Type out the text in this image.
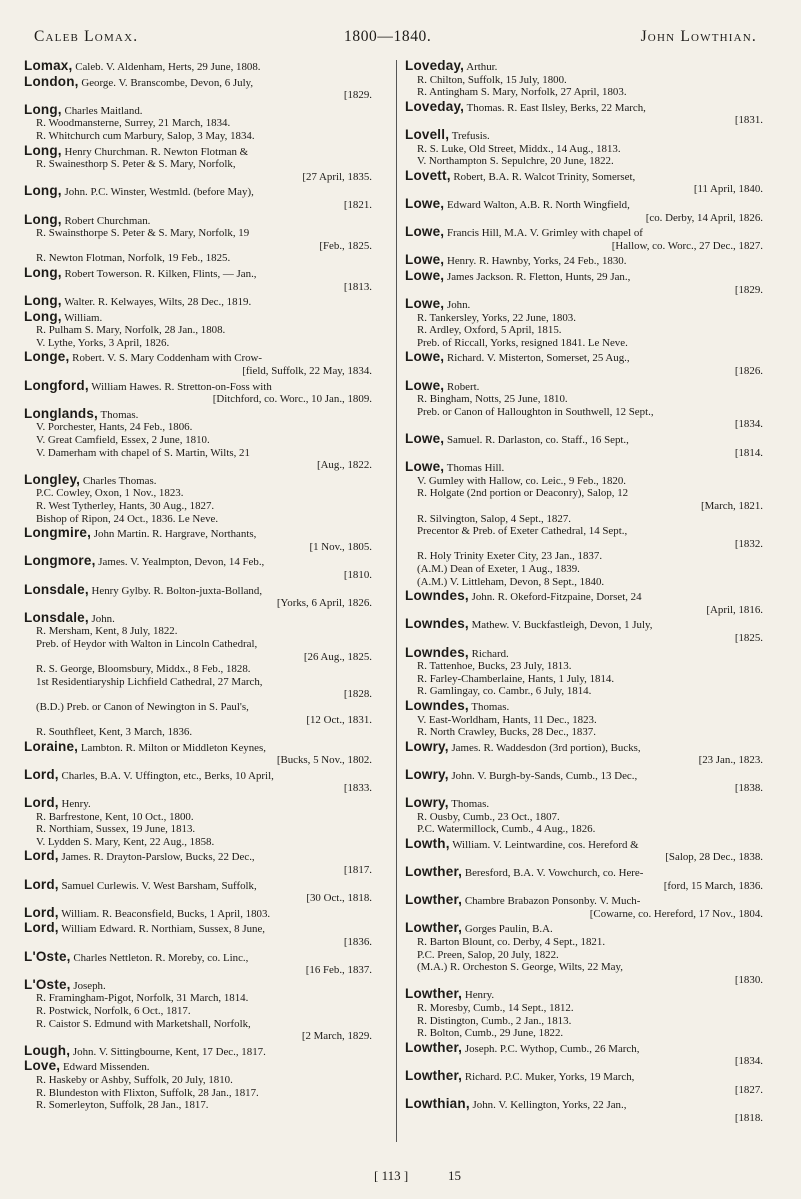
Caleb Lomax.	1800—1840.	John Lowthian.
Lomax, Caleb. V. Aldenham, Herts, 29 June, 1808.
London, George. V. Branscombe, Devon, 6 July,
[1829.
Long, Charles Maitland.
R. Woodmansterne, Surrey, 21 March, 1834.
R. Whitchurch cum Marbury, Salop, 3 May, 1834.
Long, Henry Churchman. R. Newton Flotman &
R. Swainesthorp S. Peter & S. Mary, Norfolk,
[27 April, 1835.
Long, John. P.C. Winster, Westmld. (before May),
[1821.
Long, Robert Churchman.
R. Swainsthorpe S. Peter & S. Mary, Norfolk, 19
[Feb., 1825.
R. Newton Flotman, Norfolk, 19 Feb., 1825.
Long, Robert Towerson. R. Kilken, Flints, — Jan.,
[1813.
Long, Walter. R. Kelwayes, Wilts, 28 Dec., 1819.
Long, William.
R. Pulham S. Mary, Norfolk, 28 Jan., 1808.
V. Lythe, Yorks, 3 April, 1826.
Longe, Robert. V. S. Mary Coddenham with Crow-
[field, Suffolk, 22 May, 1834.
Longford, William Hawes. R. Stretton-on-Foss with
[Ditchford, co. Worc., 10 Jan., 1809.
Longlands, Thomas.
V. Porchester, Hants, 24 Feb., 1806.
V. Great Camfield, Essex, 2 June, 1810.
V. Damerham with chapel of S. Martin, Wilts, 21
[Aug., 1822.
Longley, Charles Thomas.
P.C. Cowley, Oxon, 1 Nov., 1823.
R. West Tytherley, Hants, 30 Aug., 1827.
Bishop of Ripon, 24 Oct., 1836. Le Neve.
Longmire, John Martin. R. Hargrave, Northants,
[1 Nov., 1805.
Longmore, James. V. Yealmpton, Devon, 14 Feb.,
[1810.
Lonsdale, Henry Gylby. R. Bolton-juxta-Bolland,
[Yorks, 6 April, 1826.
Lonsdale, John.
R. Mersham, Kent, 8 July, 1822.
Preb. of Heydor with Walton in Lincoln Cathedral,
[26 Aug., 1825.
R. S. George, Bloomsbury, Middx., 8 Feb., 1828.
1st Residentiaryship Lichfield Cathedral, 27 March,
[1828.
(B.D.) Preb. or Canon of Newington in S. Paul's,
[12 Oct., 1831.
R. Southfleet, Kent, 3 March, 1836.
Loraine, Lambton. R. Milton or Middleton Keynes,
[Bucks, 5 Nov., 1802.
Lord, Charles, B.A. V. Uffington, etc., Berks, 10 April,
[1833.
Lord, Henry.
R. Barfrestone, Kent, 10 Oct., 1800.
R. Northiam, Sussex, 19 June, 1813.
V. Lydden S. Mary, Kent, 22 Aug., 1858.
Lord, James. R. Drayton-Parslow, Bucks, 22 Dec.,
[1817.
Lord, Samuel Curlewis. V. West Barsham, Suffolk,
[30 Oct., 1818.
Lord, William. R. Beaconsfield, Bucks, 1 April, 1803.
Lord, William Edward. R. Northiam, Sussex, 8 June,
[1836.
L'Oste, Charles Nettleton. R. Moreby, co. Linc.,
[16 Feb., 1837.
L'Oste, Joseph.
R. Framingham-Pigot, Norfolk, 31 March, 1814.
R. Postwick, Norfolk, 6 Oct., 1817.
R. Caistor S. Edmund with Marketshall, Norfolk,
[2 March, 1829.
Lough, John. V. Sittingbourne, Kent, 17 Dec., 1817.
Love, Edward Missenden.
R. Haskeby or Ashby, Suffolk, 20 July, 1810.
R. Blundeston with Flixton, Suffolk, 28 Jan., 1817.
R. Somerleyton, Suffolk, 28 Jan., 1817.
Loveday, Arthur.
R. Chilton, Suffolk, 15 July, 1800.
R. Antingham S. Mary, Norfolk, 27 April, 1803.
Loveday, Thomas. R. East Ilsley, Berks, 22 March,
[1831.
Lovell, Trefusis.
R. S. Luke, Old Street, Middx., 14 Aug., 1813.
V. Northampton S. Sepulchre, 20 June, 1822.
Lovett, Robert, B.A. R. Walcot Trinity, Somerset,
[11 April, 1840.
Lowe, Edward Walton, A.B. R. North Wingfield,
[co. Derby, 14 April, 1826.
Lowe, Francis Hill, M.A. V. Grimley with chapel of
[Hallow, co. Worc., 27 Dec., 1827.
Lowe, Henry. R. Hawnby, Yorks, 24 Feb., 1830.
Lowe, James Jackson. R. Fletton, Hunts, 29 Jan.,
[1829.
Lowe, John.
R. Tankersley, Yorks, 22 June, 1803.
R. Ardley, Oxford, 5 April, 1815.
Preb. of Riccall, Yorks, resigned 1841. Le Neve.
Lowe, Richard. V. Misterton, Somerset, 25 Aug.,
[1826.
Lowe, Robert.
R. Bingham, Notts, 25 June, 1810.
Preb. or Canon of Halloughton in Southwell, 12 Sept.,
[1834.
Lowe, Samuel. R. Darlaston, co. Staff., 16 Sept.,
[1814.
Lowe, Thomas Hill.
V. Gumley with Hallow, co. Leic., 9 Feb., 1820.
R. Holgate (2nd portion or Deaconry), Salop, 12
[March, 1821.
R. Silvington, Salop, 4 Sept., 1827.
Precentor & Preb. of Exeter Cathedral, 14 Sept.,
[1832.
R. Holy Trinity Exeter City, 23 Jan., 1837.
(A.M.) Dean of Exeter, 1 Aug., 1839.
(A.M.) V. Littleham, Devon, 8 Sept., 1840.
Lowndes, John. R. Okeford-Fitzpaine, Dorset, 24
[April, 1816.
Lowndes, Mathew. V. Buckfastleigh, Devon, 1 July,
[1825.
Lowndes, Richard.
R. Tattenhoe, Bucks, 23 July, 1813.
R. Farley-Chamberlaine, Hants, 1 July, 1814.
R. Gamlingay, co. Cambr., 6 July, 1814.
Lowndes, Thomas.
V. East-Worldham, Hants, 11 Dec., 1823.
R. North Crawley, Bucks, 28 Dec., 1837.
Lowry, James. R. Waddesdon (3rd portion), Bucks,
[23 Jan., 1823.
Lowry, John. V. Burgh-by-Sands, Cumb., 13 Dec.,
[1838.
Lowry, Thomas.
R. Ousby, Cumb., 23 Oct., 1807.
P.C. Watermillock, Cumb., 4 Aug., 1826.
Lowth, William. V. Leintwardine, cos. Hereford &
[Salop, 28 Dec., 1838.
Lowther, Beresford, B.A. V. Vowchurch, co. Here-
[ford, 15 March, 1836.
Lowther, Chambre Brabazon Ponsonby. V. Much-
[Cowarne, co. Hereford, 17 Nov., 1804.
Lowther, Gorges Paulin, B.A.
R. Barton Blount, co. Derby, 4 Sept., 1821.
P.C. Preen, Salop, 20 July, 1822.
(M.A.) R. Orcheston S. George, Wilts, 22 May,
[1830.
Lowther, Henry.
R. Moresby, Cumb., 14 Sept., 1812.
R. Distington, Cumb., 2 Jan., 1813.
R. Bolton, Cumb., 29 June, 1822.
Lowther, Joseph. P.C. Wythop, Cumb., 26 March,
[1834.
Lowther, Richard. P.C. Muker, Yorks, 19 March,
[1827.
Lowthian, John. V. Kellington, Yorks, 22 Jan.,
[1818.
[ 113 ]	15
